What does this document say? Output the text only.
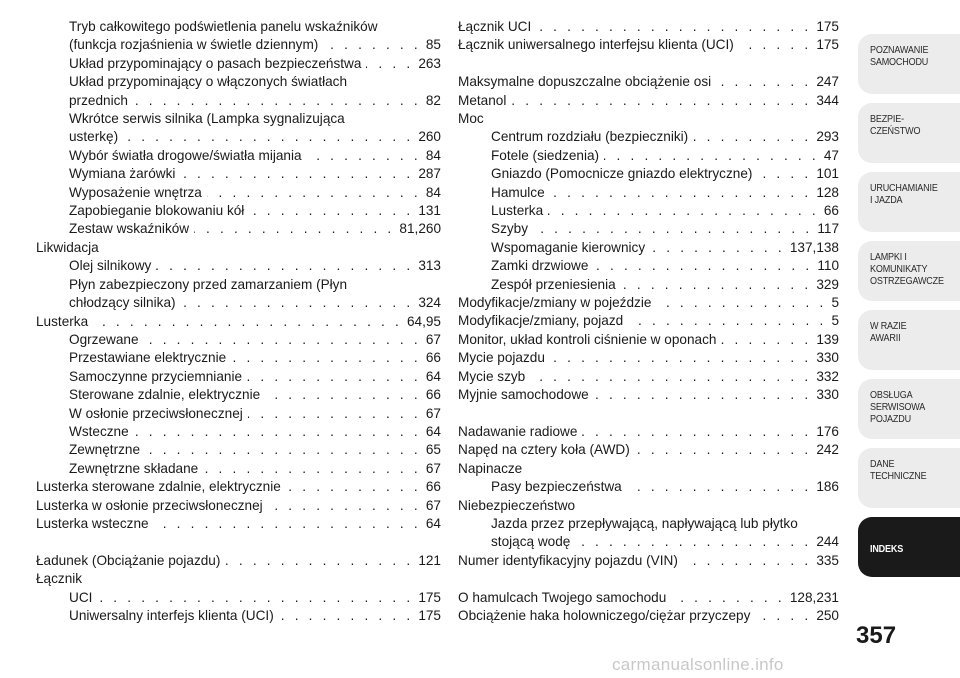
Tryb całkowitego podświetlenia panelu wskaźników
(funkcja rozjaśnienia w świetle dziennym) . . .	85
Układ przypominający o pasach bezpieczeństwa . . .	263
Układ przypominający o włączonych światłach
przednich . . .	82
Wkrótce serwis silnika (Lampka sygnalizująca
usterkę) . . .	260
Wybór światła drogowe/światła mijania . . .	84
Wymiana żarówki . . .	287
Wyposażenie wnętrza . . .	84
Zapobieganie blokowaniu kół . . .	131
Zestaw wskaźników . . .	81,260
Likwidacja
Olej silnikowy . . .	313
Płyn zabezpieczony przed zamarzaniem (Płyn
chłodzący silnika) . . .	324
Lusterka . . .	64,95
Ogrzewane . . .	67
Przestawiane elektrycznie . . .	66
Samoczynne przyciemnianie . . .	64
Sterowane zdalnie, elektrycznie . . .	66
W osłonie przeciwsłonecznej . . .	67
Wsteczne . . .	64
Zewnętrzne . . .	65
Zewnętrzne składane . . .	67
Lusterka sterowane zdalnie, elektrycznie . . .	66
Lusterka w osłonie przeciwsłonecznej . . .	67
Lusterka wsteczne . . .	64
Ładunek (Obciążanie pojazdu) . . .	121
Łącznik
UCI . . .	175
Uniwersalny interfejs klienta (UCI) . . .	175
Łącznik UCI . . .	175
Łącznik uniwersalnego interfejsu klienta (UCI) . . .	175
Maksymalne dopuszczalne obciążenie osi . . .	247
Metanol . . .	344
Moc
Centrum rozdziału (bezpieczniki) . . .	293
Fotele (siedzenia) . . .	47
Gniazdo (Pomocnicze gniazdo elektryczne) . . .	101
Hamulce . . .	128
Lusterka . . .	66
Szyby . . .	117
Wspomaganie kierownicy . . .	137,138
Zamki drzwiowe . . .	110
Zespół przeniesienia . . .	329
Modyfikacje/zmiany w pojeździe . . .	5
Modyfikacje/zmiany, pojazd . . .	5
Monitor, układ kontroli ciśnienie w oponach . . .	139
Mycie pojazdu . . .	330
Mycie szyb . . .	332
Myjnie samochodowe . . .	330
Nadawanie radiowe . . .	176
Napęd na cztery koła (AWD) . . .	242
Napinacze
Pasy bezpieczeństwa . . .	186
Niebezpieczeństwo
Jazda przez przepływającą, napływającą lub płytko
stojącą wodę . . .	244
Numer identyfikacyjny pojazdu (VIN) . . .	335
O hamulcach Twojego samochodu . . .	128,231
Obciążenie haka holowniczego/ciężar przyczepy . . .	250
POZNAWANIE
SAMOCHODU
BEZPIE-
CZEŃSTWO
URUCHAMIANIE
I JAZDA
LAMPKI I
KOMUNIKATY
OSTRZEGAWCZE
W RAZIE
AWARII
OBSŁUGA
SERWISOWA
POJAZDU
DANE
TECHNICZNE
INDEKS
357
carmanualsonline.info
